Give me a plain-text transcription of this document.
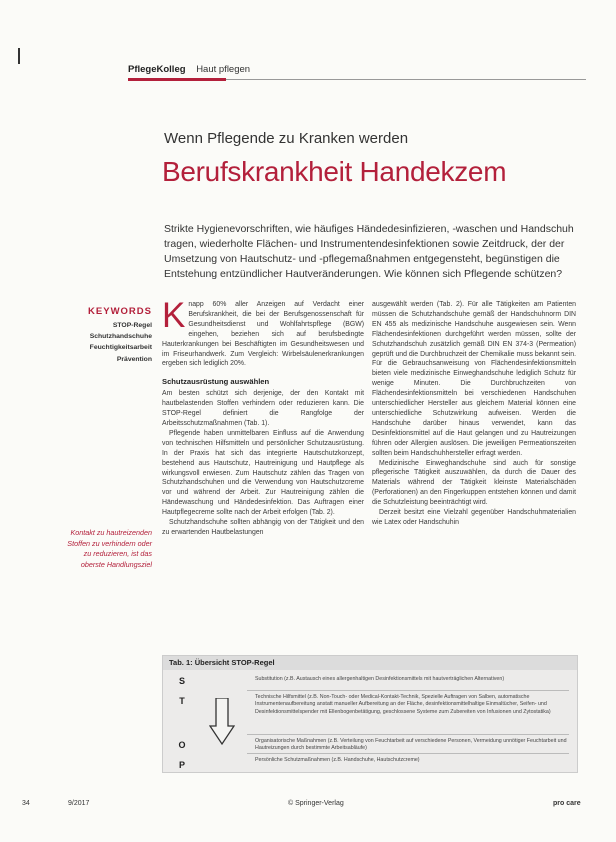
PflegeKolleg Haut pflegen
Wenn Pflegende zu Kranken werden
Berufskrankheit Handekzem
Strikte Hygienevorschriften, wie häufiges Händedesinfizieren, -waschen und Handschuh tragen, wiederholte Flächen- und Instrumentendesinfektionen sowie Zeitdruck, der der Umsetzung von Hautschutz- und -pflegemaßnahmen entgegensteht, begünstigen die Entstehung entzündlicher Hautveränderungen. Wie können sich Pflegende schützen?
KEYWORDS
STOP-Regel
Schutzhandschuhe
Feuchtigkeitsarbeit
Prävention
Kontakt zu hautreizenden Stoffen zu verhindern oder zu reduzieren, ist das oberste Handlungsziel
K napp 60% aller Anzeigen auf Verdacht einer Berufskrankheit, die bei der Berufsgenossenschaft für Gesundheitsdienst und Wohlfahrtspflege (BGW) eingehen, beziehen sich auf berufsbedingte Hauterkrankungen bei Beschäftigten im Gesundheitswesen und im Friseurhandwerk. Zum Vergleich: Wirbelsäulenerkrankungen ergeben sich lediglich 20%.

Schutzausrüstung auswählen

Am besten schützt sich derjenige, der den Kontakt mit hautbelastenden Stoffen verhindern oder reduzieren kann. Die STOP-Regel definiert die Rangfolge der Arbeitsschutzmaßnahmen (Tab. 1).

Pflegende haben unmittelbaren Einfluss auf die Anwendung von technischen Hilfsmitteln und persönlicher Schutzausrüstung. In der Praxis hat sich das integrierte Hautschutzkonzept, bestehend aus Hautschutz, Hautreinigung und Hautpflege als wirkungsvoll erwiesen. Zum Hautschutz zählen das Tragen von Schutzhandschuhen und die Verwendung von Hautschutzcreme vor und während der Arbeit. Zur Hautreinigung zählen die Händewaschung und Händedesinfektion. Das Auftragen einer Hautpflegecreme sollte nach der Arbeit erfolgen (Tab. 2).

Schutzhandschuhe sollten abhängig von der Tätigkeit und den zu erwartenden Hautbelastungen

ausgewählt werden (Tab. 2). Für alle Tätigkeiten am Patienten müssen die Schutzhandschuhe gemäß der Handschuhnorm DIN EN 455 als medizinische Handschuhe ausgewiesen sein. Wenn Flächendesinfektionen durchgeführt werden müssen, sollte der Schutzhandschuh zusätzlich gemäß DIN EN 374-3 (Permeation) geprüft und die Durchbruchzeit der Chemikalie muss bekannt sein. Für die Gebrauchsanweisung von Flächendesinfektionsmitteln bieten viele medizinische Einweghandschuhe lediglich Schutz für wenige Minuten. Die Durchbruchzeiten von Flächendesinfektionsmitteln bei verschiedenen Handschuhen unterschiedlicher Hersteller aus gleichem Material können eine unterschiedliche Schutzwirkung aufweisen. Werden die Handschuhe darüber hinaus verwendet, kann das Desinfektionsmittel auf die Haut gelangen und zu Hautreizungen führen oder Allergien auslösen. Die jeweiligen Permeationszeiten sollten beim Handschuhhersteller erfragt werden.

Medizinische Einweghandschuhe sind auch für sonstige pflegerische Tätigkeit auszuwählen, da durch die Dauer des Materials während der Tätigkeit kleinste Materialschäden (Perforationen) an den Fingerkuppen entstehen können und damit die Schutzleistung beeinträchtigt wird.

Derzeit besitzt eine Vielzahl gegenüber Handschuhmaterialien wie Latex oder Handschuhin

Tab. 1: Übersicht STOP-Regel
S	Substitution (z.B. Austausch eines allergenhaltigen Desinfektionsmittels mit hautverträglichen Alternativen)
T	Technische Hilfsmittel (z.B. Non-Touch- oder Medical-Kontakt-Technik, Spezielle Auftragen von Salben, automatische Instrumentenaufbereitung anstatt manueller Aufbereitung an der Fläche, desinfektionsmittelhaltige Einmaltücher, Seifen- und Desinfektionsmittelspender mit Ellenbogenbetätigung, geschlossene Systeme zum Zubereiten von Infusionen und Zytostatika)
O	Organisatorische Maßnahmen (z.B. Verteilung von Feuchtarbeit auf verschiedene Personen, Vermeidung unnötiger Feuchtarbeit und Hautreizungen durch bestimmte Arbeitsabläufe)
P	Persönliche Schutzmaßnahmen (z.B. Handschuhe, Hautschutzcreme)
34	9/2017	© Springer-Verlag	pro care
